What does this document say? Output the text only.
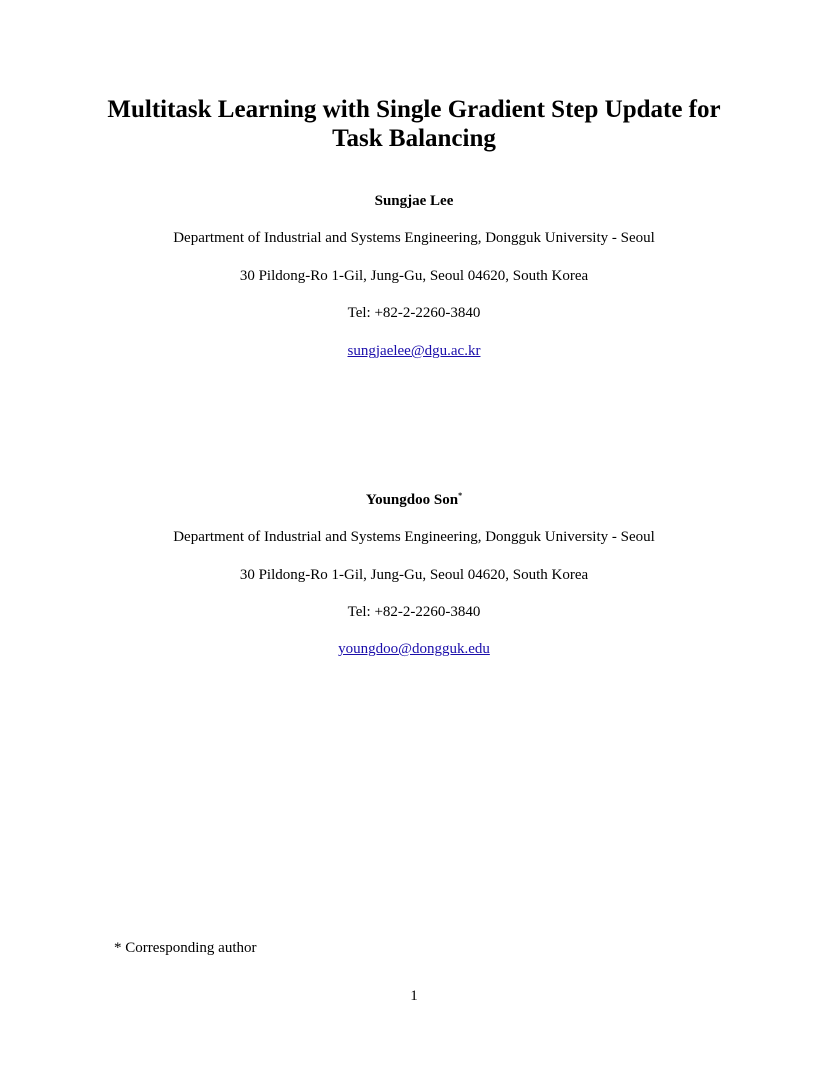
Multitask Learning with Single Gradient Step Update for
Task Balancing

Sungjae Lee

Department of Industrial and Systems Engineering, Dongguk University - Seoul

30 Pildong-Ro 1-Gil, Jung-Gu, Seoul 04620, South Korea

Tel: +82-2-2260-3840

sungjaelee@dgu.ac.kr

Youngdoo Son*

Department of Industrial and Systems Engineering, Dongguk University - Seoul

30 Pildong-Ro 1-Gil, Jung-Gu, Seoul 04620, South Korea

Tel: +82-2-2260-3840

youngdoo@dongguk.edu

* Corresponding author

1
